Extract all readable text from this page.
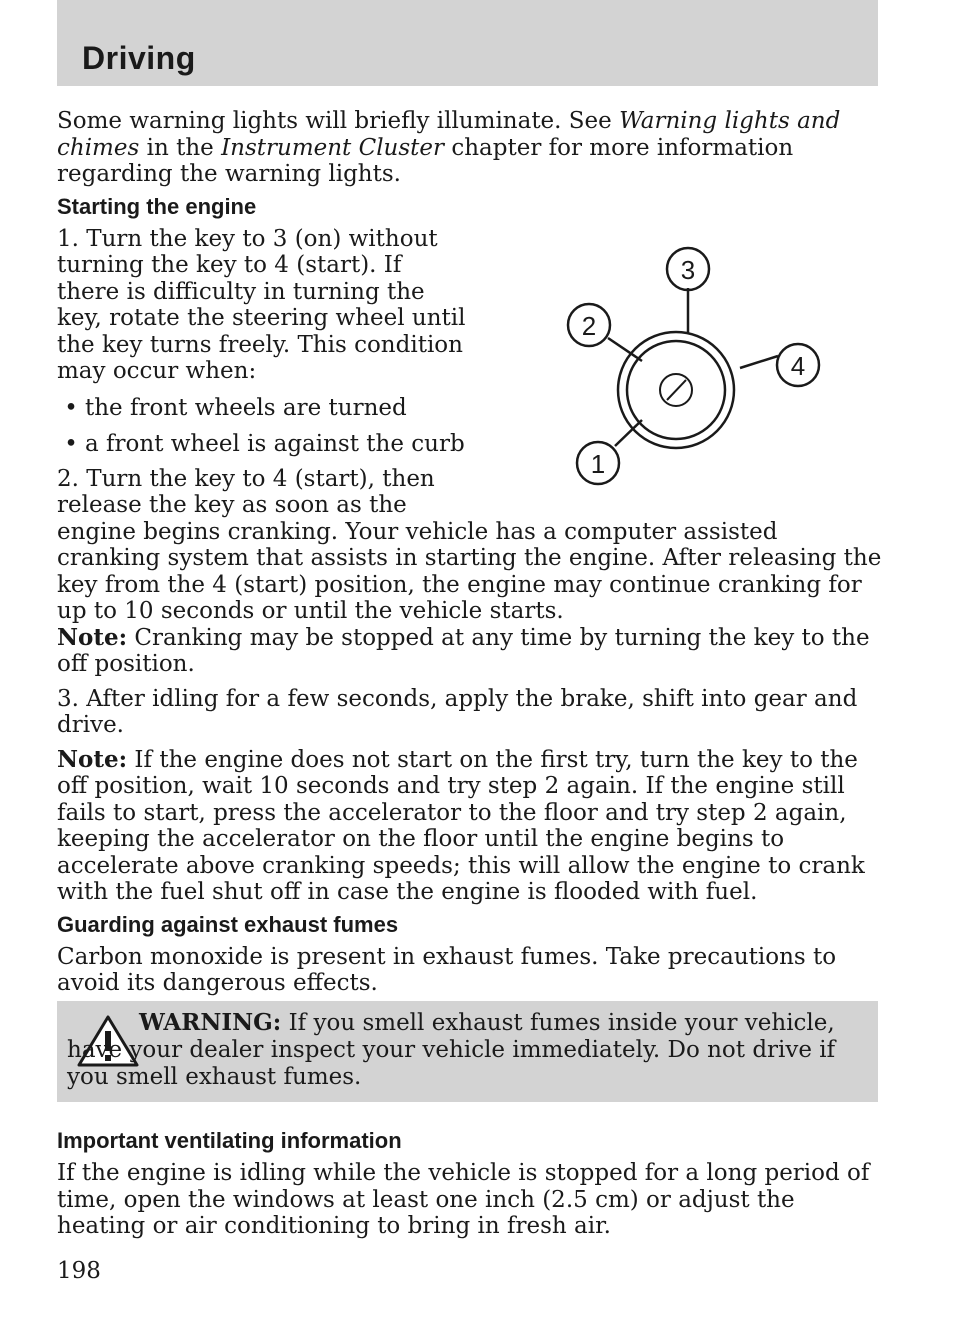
Driving

Some warning lights will briefly illuminate. See Warning lights and chimes in the Instrument Cluster chapter for more information regarding the warning lights.

Starting the engine

1. Turn the key to 3 (on) without turning the key to 4 (start). If there is difficulty in turning the key, rotate the steering wheel until the key turns freely. This condition may occur when:

• the front wheels are turned
• a front wheel is against the curb

2. Turn the key to 4 (start), then release the key as soon as the

engine begins cranking. Your vehicle has a computer assisted cranking system that assists in starting the engine. After releasing the key from the 4 (start) position, the engine may continue cranking for up to 10 seconds or until the vehicle starts.

Note: Cranking may be stopped at any time by turning the key to the off position.

3. After idling for a few seconds, apply the brake, shift into gear and drive.

Note: If the engine does not start on the first try, turn the key to the off position, wait 10 seconds and try step 2 again. If the engine still fails to start, press the accelerator to the floor and try step 2 again, keeping the accelerator on the floor until the engine begins to accelerate above cranking speeds; this will allow the engine to crank with the fuel shut off in case the engine is flooded with fuel.

Guarding against exhaust fumes

Carbon monoxide is present in exhaust fumes. Take precautions to avoid its dangerous effects.

1
2
3
4

WARNING: If you smell exhaust fumes inside your vehicle, have your dealer inspect your vehicle immediately. Do not drive if you smell exhaust fumes.

Important ventilating information

If the engine is idling while the vehicle is stopped for a long period of time, open the windows at least one inch (2.5 cm) or adjust the heating or air conditioning to bring in fresh air.

198
